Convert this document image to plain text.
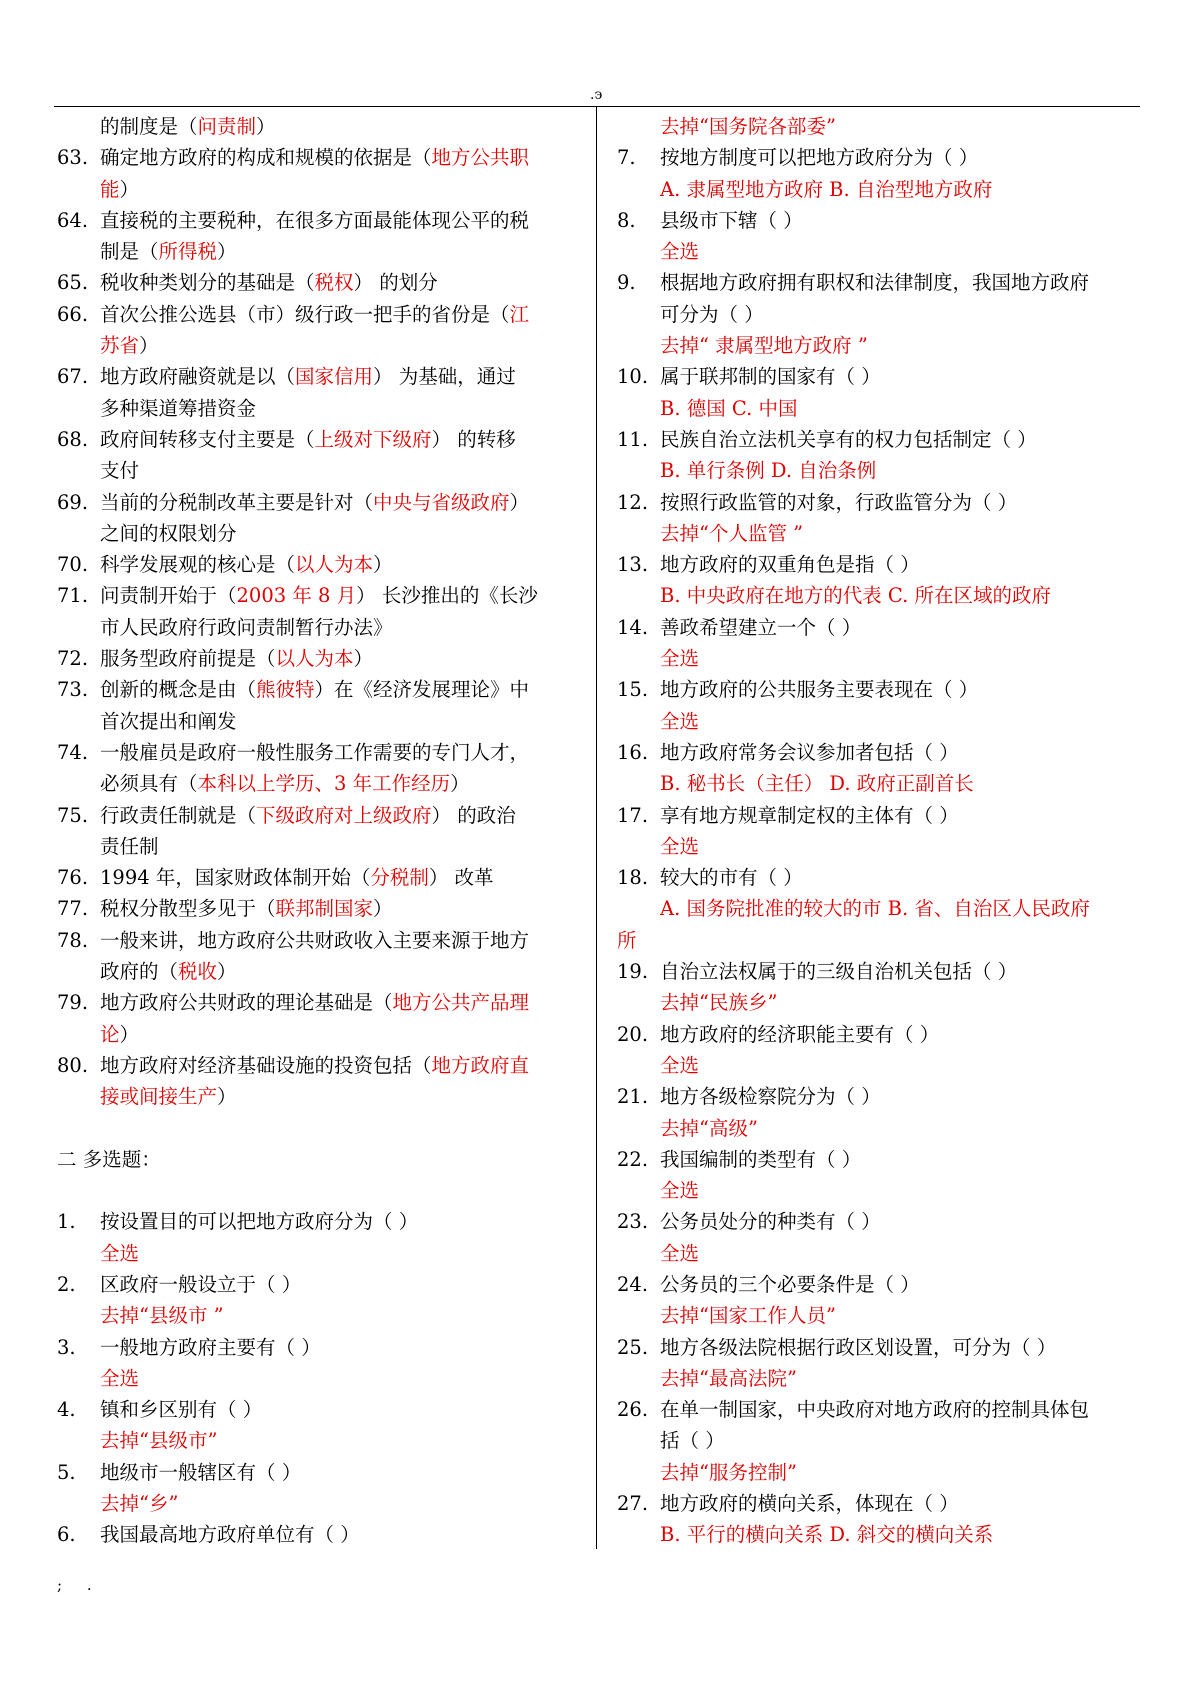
.э
的制度是（问责制）
63. 确定地方政府的构成和规模的依据是（地方公共职
能）
64. 直接税的主要税种，在很多方面最能体现公平的税
制是（所得税）
65. 税收种类划分的基础是（税权） 的划分
66. 首次公推公选县（市）级行政一把手的省份是（江
苏省）
67. 地方政府融资就是以（国家信用） 为基础，通过
多种渠道筹措资金
68. 政府间转移支付主要是（上级对下级府） 的转移
支付
69. 当前的分税制改革主要是针对（中央与省级政府）
之间的权限划分
70. 科学发展观的核心是（以人为本）
71. 问责制开始于（2003 年 8 月） 长沙推出的《长沙
市人民政府行政问责制暂行办法》
72. 服务型政府前提是（以人为本）
73. 创新的概念是由（熊彼特）在《经济发展理论》中
首次提出和阐发
74. 一般雇员是政府一般性服务工作需要的专门人才，
必须具有（本科以上学历、3 年工作经历）
75. 行政责任制就是（下级政府对上级政府） 的政治
责任制
76. 1994 年，国家财政体制开始（分税制） 改革
77. 税权分散型多见于（联邦制国家）
78. 一般来讲，地方政府公共财政收入主要来源于地方
政府的（税收）
79. 地方政府公共财政的理论基础是（地方公共产品理
论）
80. 地方政府对经济基础设施的投资包括（地方政府直
接或间接生产）
二 多选题：
1. 按设置目的可以把地方政府分为（ ）
全选
2. 区政府一般设立于（ ）
去掉“县级市 ”
3. 一般地方政府主要有（ ）
全选
4. 镇和乡区别有（ ）
去掉“县级市”
5. 地级市一般辖区有（ ）
去掉“乡”
6. 我国最高地方政府单位有（ ）
去掉“国务院各部委”
7. 按地方制度可以把地方政府分为（ ）
A. 隶属型地方政府 B. 自治型地方政府
8. 县级市下辖（ ）
全选
9. 根据地方政府拥有职权和法律制度，我国地方政府
可分为（ ）
去掉“ 隶属型地方政府 ”
10. 属于联邦制的国家有（ ）
B. 德国 C. 中国
11. 民族自治立法机关享有的权力包括制定（ ）
B. 单行条例 D. 自治条例
12. 按照行政监管的对象，行政监管分为（ ）
去掉“个人监管 ”
13. 地方政府的双重角色是指（ ）
B. 中央政府在地方的代表 C. 所在区域的政府
14. 善政希望建立一个（ ）
全选
15. 地方政府的公共服务主要表现在（ ）
全选
16. 地方政府常务会议参加者包括（ ）
B. 秘书长（主任） D. 政府正副首长
17. 享有地方规章制定权的主体有（ ）
全选
18. 较大的市有（ ）
A. 国务院批准的较大的市 B. 省、自治区人民政府
所
19. 自治立法权属于的三级自治机关包括（ ）
去掉“民族乡”
20. 地方政府的经济职能主要有（ ）
全选
21. 地方各级检察院分为（ ）
去掉“高级”
22. 我国编制的类型有（ ）
全选
23. 公务员处分的种类有（ ）
全选
24. 公务员的三个必要条件是（ ）
去掉“国家工作人员”
25. 地方各级法院根据行政区划设置，可分为（ ）
去掉“最高法院”
26. 在单一制国家，中央政府对地方政府的控制具体包
括（ ）
去掉“服务控制”
27. 地方政府的横向关系，体现在（ ）
B. 平行的横向关系 D. 斜交的横向关系
; .
